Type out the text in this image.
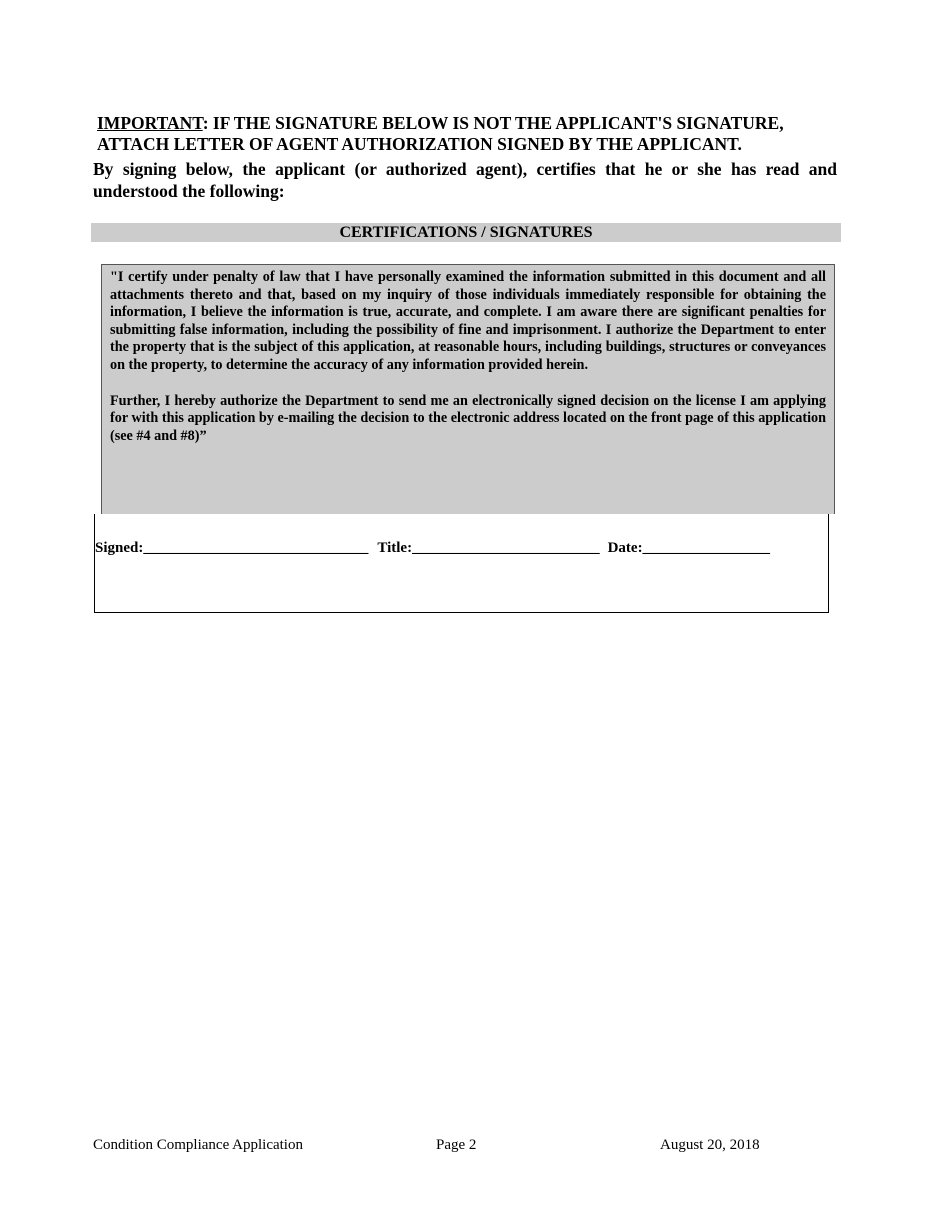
IMPORTANT: IF THE SIGNATURE BELOW IS NOT THE APPLICANT'S SIGNATURE,
ATTACH LETTER OF AGENT AUTHORIZATION SIGNED BY THE APPLICANT.
By signing below, the applicant (or authorized agent), certifies that he or she has read and understood the following:
CERTIFICATIONS / SIGNATURES

"I certify under penalty of law that I have personally examined the information submitted in this document and all attachments thereto and that, based on my inquiry of those individuals immediately responsible for obtaining the information, I believe the information is true, accurate, and complete. I am aware there are significant penalties for submitting false information, including the possibility of fine and imprisonment. I authorize the Department to enter the property that is the subject of this application, at reasonable hours, including buildings, structures or conveyances on the property, to determine the accuracy of any information provided herein.

Further, I hereby authorize the Department to send me an electronically signed decision on the license I am applying for with this application by e-mailing the decision to the electronic address located on the front page of this application (see #4 and #8)”

Signed:______________________________ Title:_________________________ Date:_________________
Condition Compliance Application	Page 2	August 20, 2018
